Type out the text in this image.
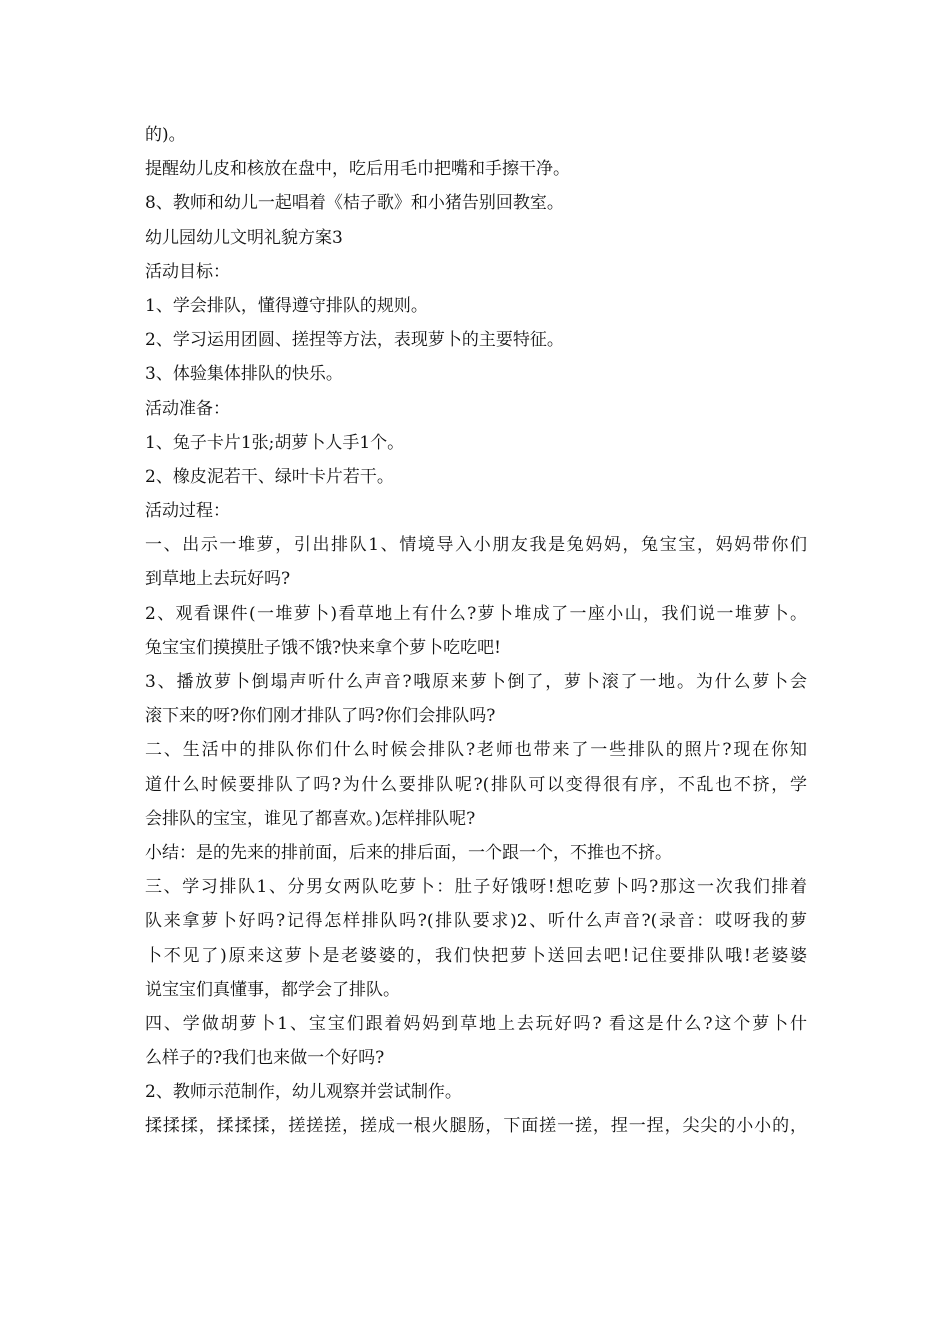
的)。

提醒幼儿皮和核放在盘中，吃后用毛巾把嘴和手擦干净。

8、教师和幼儿一起唱着《桔子歌》和小猪告别回教室。

幼儿园幼儿文明礼貌方案3

活动目标：

1、学会排队，懂得遵守排队的规则。

2、学习运用团圆、搓捏等方法，表现萝卜的主要特征。

3、体验集体排队的快乐。

活动准备：

1、兔子卡片1张;胡萝卜人手1个。

2、橡皮泥若干、绿叶卡片若干。

活动过程：

一、出示一堆萝，引出排队1、情境导入小朋友我是兔妈妈，兔宝宝，妈妈带你们

到草地上去玩好吗?

2、观看课件(一堆萝卜)看草地上有什么?萝卜堆成了一座小山，我们说一堆萝卜。

兔宝宝们摸摸肚子饿不饿?快来拿个萝卜吃吃吧!

3、播放萝卜倒塌声听什么声音?哦原来萝卜倒了，萝卜滚了一地。为什么萝卜会

滚下来的呀?你们刚才排队了吗?你们会排队吗?

二、生活中的排队你们什么时候会排队?老师也带来了一些排队的照片?现在你知

道什么时候要排队了吗?为什么要排队呢?(排队可以变得很有序，不乱也不挤，学

会排队的宝宝，谁见了都喜欢。)怎样排队呢?

小结：是的先来的排前面，后来的排后面，一个跟一个，不推也不挤。

三、学习排队1、分男女两队吃萝卜：肚子好饿呀!想吃萝卜吗?那这一次我们排着

队来拿萝卜好吗?记得怎样排队吗?(排队要求)2、听什么声音?(录音：哎呀我的萝

卜不见了)原来这萝卜是老婆婆的，我们快把萝卜送回去吧!记住要排队哦!老婆婆

说宝宝们真懂事，都学会了排队。

四、学做胡萝卜1、宝宝们跟着妈妈到草地上去玩好吗? 看这是什么?这个萝卜什

么样子的?我们也来做一个好吗?

2、教师示范制作，幼儿观察并尝试制作。

揉揉揉，揉揉揉，搓搓搓，搓成一根火腿肠，下面搓一搓，捏一捏，尖尖的小小的，
